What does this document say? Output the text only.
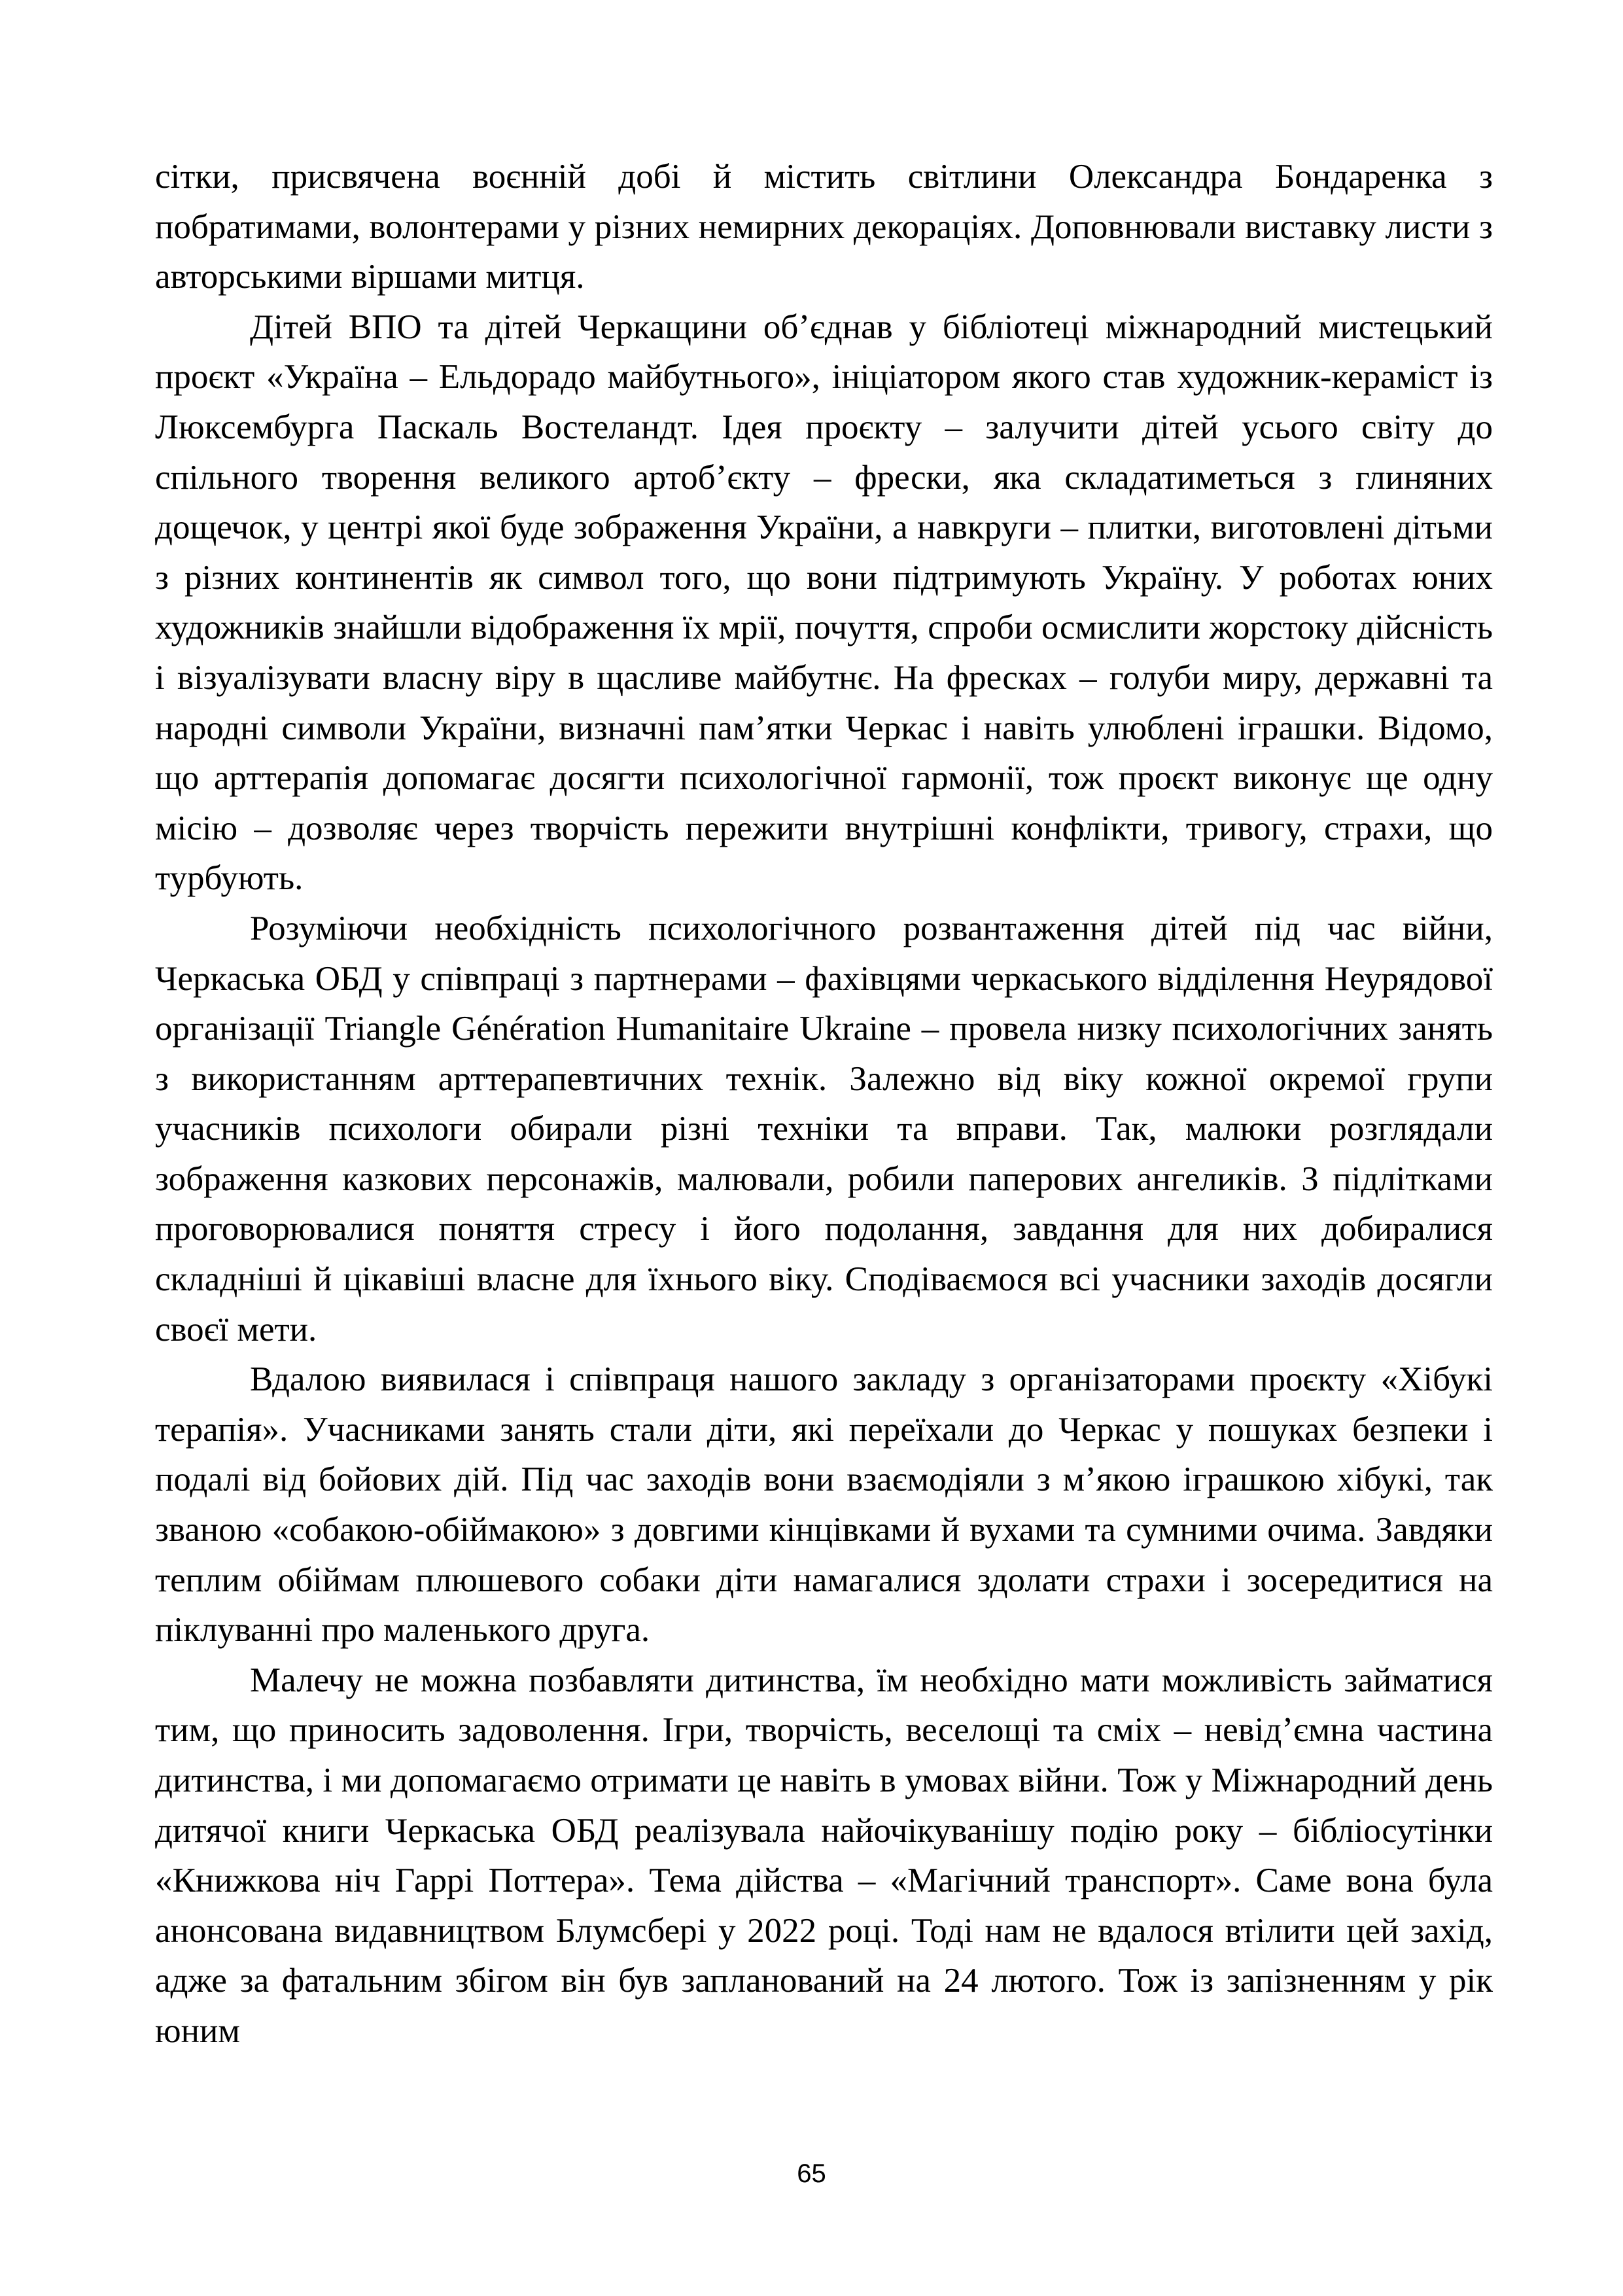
сітки, присвячена воєнній добі й містить світлини Олександра Бондаренка з побратимами, волонтерами у різних немирних декораціях. Доповнювали виставку листи з авторськими віршами митця.

Дітей ВПО та дітей Черкащини об’єднав у бібліотеці міжнародний мистецький проєкт «Україна – Ельдорадо майбутнього», ініціатором якого став художник-кераміст із Люксембурга Паскаль Востеландт. Ідея проєкту – залучити дітей усього світу до спільного творення великого артоб’єкту – фрески, яка складатиметься з глиняних дощечок, у центрі якої буде зображення України, а навкруги – плитки, виготовлені дітьми з різних континентів як символ того, що вони підтримують Україну. У роботах юних художників знайшли відображення їх мрії, почуття, спроби осмислити жорстоку дійсність і візуалізувати власну віру в щасливе майбутнє. На фресках – голуби миру, державні та народні символи України, визначні пам’ятки Черкас і навіть улюблені іграшки. Відомо, що арттерапія допомагає досягти психологічної гармонії, тож проєкт виконує ще одну місію – дозволяє через творчість пережити внутрішні конфлікти, тривогу, страхи, що турбують.

Розуміючи необхідність психологічного розвантаження дітей під час війни, Черкаська ОБД у співпраці з партнерами – фахівцями черкаського відділення Неурядової організації Triangle Génération Humanitaire Ukraine – провела низку психологічних занять з використанням арттерапевтичних технік. Залежно від віку кожної окремої групи учасників психологи обирали різні техніки та вправи. Так, малюки розглядали зображення казкових персонажів, малювали, робили паперових ангеликів. З підлітками проговорювалися поняття стресу і його подолання, завдання для них добиралися складніші й цікавіші власне для їхнього віку. Сподіваємося всі учасники заходів досягли своєї мети.

Вдалою виявилася і співпраця нашого закладу з організаторами проєкту «Хібукі терапія». Учасниками занять стали діти, які переїхали до Черкас у пошуках безпеки і подалі від бойових дій. Під час заходів вони взаємодіяли з м’якою іграшкою хібукі, так званою «собакою-обіймакою» з довгими кінцівками й вухами та сумними очима. Завдяки теплим обіймам плюшевого собаки діти намагалися здолати страхи і зосередитися на піклуванні про маленького друга.

Малечу не можна позбавляти дитинства, їм необхідно мати можливість займатися тим, що приносить задоволення. Ігри, творчість, веселощі та сміх – невід’ємна частина дитинства, і ми допомагаємо отримати це навіть в умовах війни. Тож у Міжнародний день дитячої книги Черкаська ОБД реалізувала найочікуванішу подію року – бібліосутінки «Книжкова ніч Гаррі Поттера». Тема дійства – «Магічний транспорт». Саме вона була анонсована видавництвом Блумсбері у 2022 році. Тоді нам не вдалося втілити цей захід, адже за фатальним збігом він був запланований на 24 лютого. Тож із запізненням у рік юним

65
